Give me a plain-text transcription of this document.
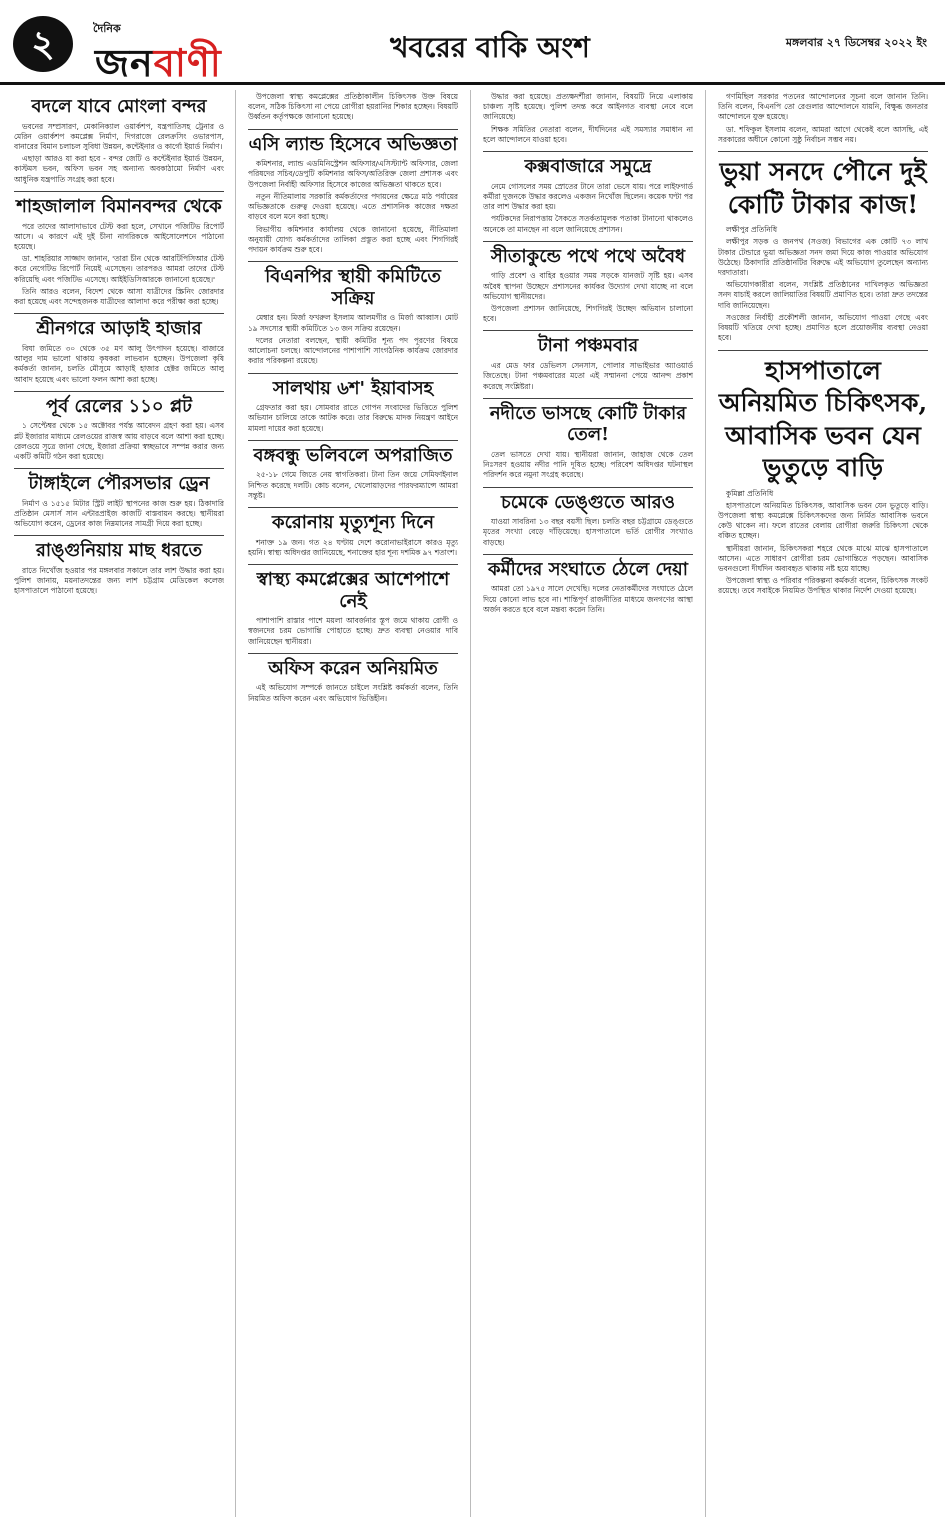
২	দৈনিক
জনবাণী	খবরের বাকি অংশ	মঙ্গলবার ২৭ ডিসেম্বর ২০২২ ইং
বদলে যাবে মোংলা বন্দর

ভবনের সম্প্রসারণ, মেকানিক্যাল ওয়ার্কশপ, যন্ত্রপাতিসহ ট্রেনার ও মেরিন ওয়ার্কশপ কমপ্লেক্স নির্মাণ, দিগরাজে রেলক্রসিং ওভারপাস, বানারের বিমান চলাচল সুবিধা উন্নয়ন, কন্টেইনার ও কার্গো ইয়ার্ড নির্মাণ।

এছাড়া আরও যা করা হবে - বন্দর জেটি ও কন্টেইনার ইয়ার্ড উন্নয়ন, কাস্টমস ভবন, অফিস ভবন সহ অন্যান্য অবকাঠামো নির্মাণ এবং আধুনিক যন্ত্রপাতি সংগ্রহ করা হবে।

শাহজালাল বিমানবন্দর থেকে

পরে তাদের আলাদাভাবে টেস্ট করা হলে, সেখানে পজিটিভ রিপোর্ট আসে। এ কারণে এই দুই চীনা নাগরিককে আইসোলেশনে পাঠানো হয়েছে।

ডা. শাহরিয়ার সাজ্জাদ জানান, 'তারা চীন থেকে আরটিপিসিআর টেস্ট করে নেগেটিভ রিপোর্ট নিয়েই এসেছেন। তারপরও আমরা তাদের টেস্ট করিয়েছি এবং পজিটিভ এসেছে। আইইডিসিআরকে জানানো হয়েছে।'

তিনি আরও বলেন, বিদেশ থেকে আসা যাত্রীদের স্ক্রিনিং জোরদার করা হয়েছে এবং সন্দেহজনক যাত্রীদের আলাদা করে পরীক্ষা করা হচ্ছে।

শ্রীনগরে আড়াই হাজার

বিঘা জমিতে ৩০ থেকে ৩৫ মণ আলু উৎপাদন হয়েছে। বাজারে আলুর দাম ভালো থাকায় কৃষকরা লাভবান হচ্ছেন। উপজেলা কৃষি কর্মকর্তা জানান, চলতি মৌসুমে আড়াই হাজার হেক্টর জমিতে আলু আবাদ হয়েছে এবং ভালো ফলন আশা করা হচ্ছে।

পূর্ব রেলের ১১০ প্লট

১ সেপ্টেম্বর থেকে ১৫ অক্টোবর পর্যন্ত আবেদন গ্রহণ করা হয়। এসব প্লট ইজারার মাধ্যমে রেলওয়ের রাজস্ব আয় বাড়বে বলে আশা করা হচ্ছে। রেলওয়ে সূত্রে জানা গেছে, ইজারা প্রক্রিয়া স্বচ্ছভাবে সম্পন্ন করার জন্য একটি কমিটি গঠন করা হয়েছে।

টাঙ্গাইলে পৌরসভার ড্রেন

নির্মাণ ও ১৫১৫ মিটার স্ট্রিট লাইট স্থাপনের কাজ শুরু হয়। ঠিকাদারি প্রতিষ্ঠান মেসার্স সান এন্টারপ্রাইজ কাজটি বাস্তবায়ন করছে। স্থানীয়রা অভিযোগ করেন, ড্রেনের কাজ নিম্নমানের সামগ্রী দিয়ে করা হচ্ছে।

রাঙ্গুনিয়ায় মাছ ধরতে

রাতে নিখোঁজ হওয়ার পর মঙ্গলবার সকালে তার লাশ উদ্ধার করা হয়। পুলিশ জানায়, ময়নাতদন্তের জন্য লাশ চট্টগ্রাম মেডিকেল কলেজ হাসপাতালে পাঠানো হয়েছে।

উপজেলা স্বাস্থ্য কমপ্লেক্সের প্রতিষ্ঠাকালীন চিকিৎসক উক্ত বিষয়ে বলেন, সঠিক চিকিৎসা না পেয়ে রোগীরা হয়রানির শিকার হচ্ছেন। বিষয়টি উর্ধ্বতন কর্তৃপক্ষকে জানানো হয়েছে।

এসি ল্যান্ড হিসেবে অভিজ্ঞতা

কমিশনার, ল্যান্ড এডমিনিস্ট্রেশন অফিসার/এসিস্ট্যান্ট অফিসার, জেলা পরিষদের সচিব/ডেপুটি কমিশনার অফিস/অতিরিক্ত জেলা প্রশাসক এবং উপজেলা নির্বাহী অফিসার হিসেবে কাজের অভিজ্ঞতা থাকতে হবে।

নতুন নীতিমালায় সরকারি কর্মকর্তাদের পদায়নের ক্ষেত্রে মাঠ পর্যায়ের অভিজ্ঞতাকে গুরুত্ব দেওয়া হয়েছে। এতে প্রশাসনিক কাজের দক্ষতা বাড়বে বলে মনে করা হচ্ছে।

বিভাগীয় কমিশনার কার্যালয় থেকে জানানো হয়েছে, নীতিমালা অনুযায়ী যোগ্য কর্মকর্তাদের তালিকা প্রস্তুত করা হচ্ছে এবং শিগগিরই পদায়ন কার্যক্রম শুরু হবে।

বিএনপির স্থায়ী কমিটিতে সক্রিয়

মেম্বার হন। মির্জা ফখরুল ইসলাম আলমগীর ও মির্জা আব্বাস। মোট ১৯ সদস্যের স্থায়ী কমিটিতে ১৩ জন সক্রিয় রয়েছেন।

দলের নেতারা বলছেন, স্থায়ী কমিটির শূন্য পদ পূরণের বিষয়ে আলোচনা চলছে। আন্দোলনের পাশাপাশি সাংগঠনিক কার্যক্রম জোরদার করার পরিকল্পনা রয়েছে।

সালথায় ৬শ' ইয়াবাসহ

গ্রেফতার করা হয়। সোমবার রাতে গোপন সংবাদের ভিত্তিতে পুলিশ অভিযান চালিয়ে তাকে আটক করে। তার বিরুদ্ধে মাদক নিয়ন্ত্রণ আইনে মামলা দায়ের করা হয়েছে।

বঙ্গবন্ধু ভলিবলে অপরাজিত

২৫-১৮ গেমে জিতে নেয় স্বাগতিকরা। টানা তিন জয়ে সেমিফাইনাল নিশ্চিত করেছে দলটি। কোচ বলেন, খেলোয়াড়দের পারফরম্যান্সে আমরা সন্তুষ্ট।

করোনায় মৃত্যুশূন্য দিনে

শনাক্ত ১৯ জন। গত ২৪ ঘণ্টায় দেশে করোনাভাইরাসে কারও মৃত্যু হয়নি। স্বাস্থ্য অধিদপ্তর জানিয়েছে, শনাক্তের হার শূন্য দশমিক ৯৭ শতাংশ।

স্বাস্থ্য কমপ্লেক্সের আশেপাশে নেই

পাশাপাশি রাস্তার পাশে ময়লা আবর্জনার স্তূপ জমে থাকায় রোগী ও স্বজনদের চরম ভোগান্তি পোহাতে হচ্ছে। দ্রুত ব্যবস্থা নেওয়ার দাবি জানিয়েছেন স্থানীয়রা।

অফিস করেন অনিয়মিত

এই অভিযোগ সম্পর্কে জানতে চাইলে সংশ্লিষ্ট কর্মকর্তা বলেন, তিনি নিয়মিত অফিস করেন এবং অভিযোগ ভিত্তিহীন।

উদ্ধার করা হয়েছে। প্রত্যক্ষদর্শীরা জানান, বিষয়টি নিয়ে এলাকায় চাঞ্চল্য সৃষ্টি হয়েছে। পুলিশ তদন্ত করে আইনগত ব্যবস্থা নেবে বলে জানিয়েছে।

শিক্ষক সমিতির নেতারা বলেন, দীর্ঘদিনের এই সমস্যার সমাধান না হলে আন্দোলনে যাওয়া হবে।

কক্সবাজারে সমুদ্রে

নেমে গোসলের সময় স্রোতের টানে তারা ভেসে যায়। পরে লাইফগার্ড কর্মীরা দুজনকে উদ্ধার করলেও একজন নিখোঁজ ছিলেন। কয়েক ঘণ্টা পর তার লাশ উদ্ধার করা হয়।

পর্যটকদের নিরাপত্তায় সৈকতে সতর্কতামূলক পতাকা টানানো থাকলেও অনেকে তা মানছেন না বলে জানিয়েছে প্রশাসন।

সীতাকুন্ডে পথে পথে অবৈধ

গাড়ি প্রবেশ ও বাহির হওয়ার সময় সড়কে যানজট সৃষ্টি হয়। এসব অবৈধ স্থাপনা উচ্ছেদে প্রশাসনের কার্যকর উদ্যোগ দেখা যাচ্ছে না বলে অভিযোগ স্থানীয়দের।

উপজেলা প্রশাসন জানিয়েছে, শিগগিরই উচ্ছেদ অভিযান চালানো হবে।

টানা পঞ্চমবার

এর মেড ফার ডেভিলস সেনসাস, পোলার সাভাইভার অ্যাওয়ার্ড জিতেছে। টানা পঞ্চমবারের মতো এই সম্মাননা পেয়ে আনন্দ প্রকাশ করেছে সংশ্লিষ্টরা।

নদীতে ভাসছে কোটি টাকার তেল!

তেল ভাসতে দেখা যায়। স্থানীয়রা জানান, জাহাজ থেকে তেল নিঃসরণ হওয়ায় নদীর পানি দূষিত হচ্ছে। পরিবেশ অধিদপ্তর ঘটনাস্থল পরিদর্শন করে নমুনা সংগ্রহ করেছে।

চমেকে ডেঙ্গুতে আরও

যাওয়া সাবরিনা ১৩ বছর বয়সী ছিল। চলতি বছর চট্টগ্রামে ডেঙ্গুতে মৃতের সংখ্যা বেড়ে দাঁড়িয়েছে। হাসপাতালে ভর্তি রোগীর সংখ্যাও বাড়ছে।

কর্মীদের সংঘাতে ঠেলে দেয়া

আমরা তো ১৯৭৫ সালে দেখেছি। দলের নেতাকর্মীদের সংঘাতে ঠেলে দিয়ে কোনো লাভ হবে না। শান্তিপূর্ণ রাজনীতির মাধ্যমে জনগণের আস্থা অর্জন করতে হবে বলে মন্তব্য করেন তিনি।

গণমিছিল সরকার পতনের আন্দোলনের সূচনা বলে জানান তিনি। তিনি বলেন, বিএনপি তো রেগুলার আন্দোলনে যায়নি, বিক্ষুব্ধ জনতার আন্দোলনে যুক্ত হয়েছে।

ডা. শফিকুল ইসলাম বলেন, আমরা আগে থেকেই বলে আসছি, এই সরকারের অধীনে কোনো সুষ্ঠু নির্বাচন সম্ভব নয়।

ভুয়া সনদে পৌনে দুই কোটি টাকার কাজ!

লক্ষীপুর প্রতিনিধি

লক্ষীপুর সড়ক ও জনপথ (সওজ) বিভাগের এক কোটি ৭৩ লাখ টাকার টেন্ডারে ভুয়া অভিজ্ঞতা সনদ জমা দিয়ে কাজ পাওয়ার অভিযোগ উঠেছে। ঠিকাদারি প্রতিষ্ঠানটির বিরুদ্ধে এই অভিযোগ তুলেছেন অন্যান্য দরদাতারা।

অভিযোগকারীরা বলেন, সংশ্লিষ্ট প্রতিষ্ঠানের দাখিলকৃত অভিজ্ঞতা সনদ যাচাই করলে জালিয়াতির বিষয়টি প্রমাণিত হবে। তারা দ্রুত তদন্তের দাবি জানিয়েছেন।

সওজের নির্বাহী প্রকৌশলী জানান, অভিযোগ পাওয়া গেছে এবং বিষয়টি খতিয়ে দেখা হচ্ছে। প্রমাণিত হলে প্রয়োজনীয় ব্যবস্থা নেওয়া হবে।

হাসপাতালে অনিয়মিত চিকিৎসক, আবাসিক ভবন যেন ভুতুড়ে বাড়ি

কুমিল্লা প্রতিনিধি

হাসপাতালে অনিয়মিত চিকিৎসক, আবাসিক ভবন যেন ভুতুড়ে বাড়ি। উপজেলা স্বাস্থ্য কমপ্লেক্সে চিকিৎসকদের জন্য নির্মিত আবাসিক ভবনে কেউ থাকেন না। ফলে রাতের বেলায় রোগীরা জরুরি চিকিৎসা থেকে বঞ্চিত হচ্ছেন।

স্থানীয়রা জানান, চিকিৎসকরা শহরে থেকে মাঝে মাঝে হাসপাতালে আসেন। এতে সাধারণ রোগীরা চরম ভোগান্তিতে পড়ছেন। আবাসিক ভবনগুলো দীর্ঘদিন অব্যবহৃত থাকায় নষ্ট হয়ে যাচ্ছে।

উপজেলা স্বাস্থ্য ও পরিবার পরিকল্পনা কর্মকর্তা বলেন, চিকিৎসক সংকট রয়েছে। তবে সবাইকে নিয়মিত উপস্থিত থাকার নির্দেশ দেওয়া হয়েছে।
